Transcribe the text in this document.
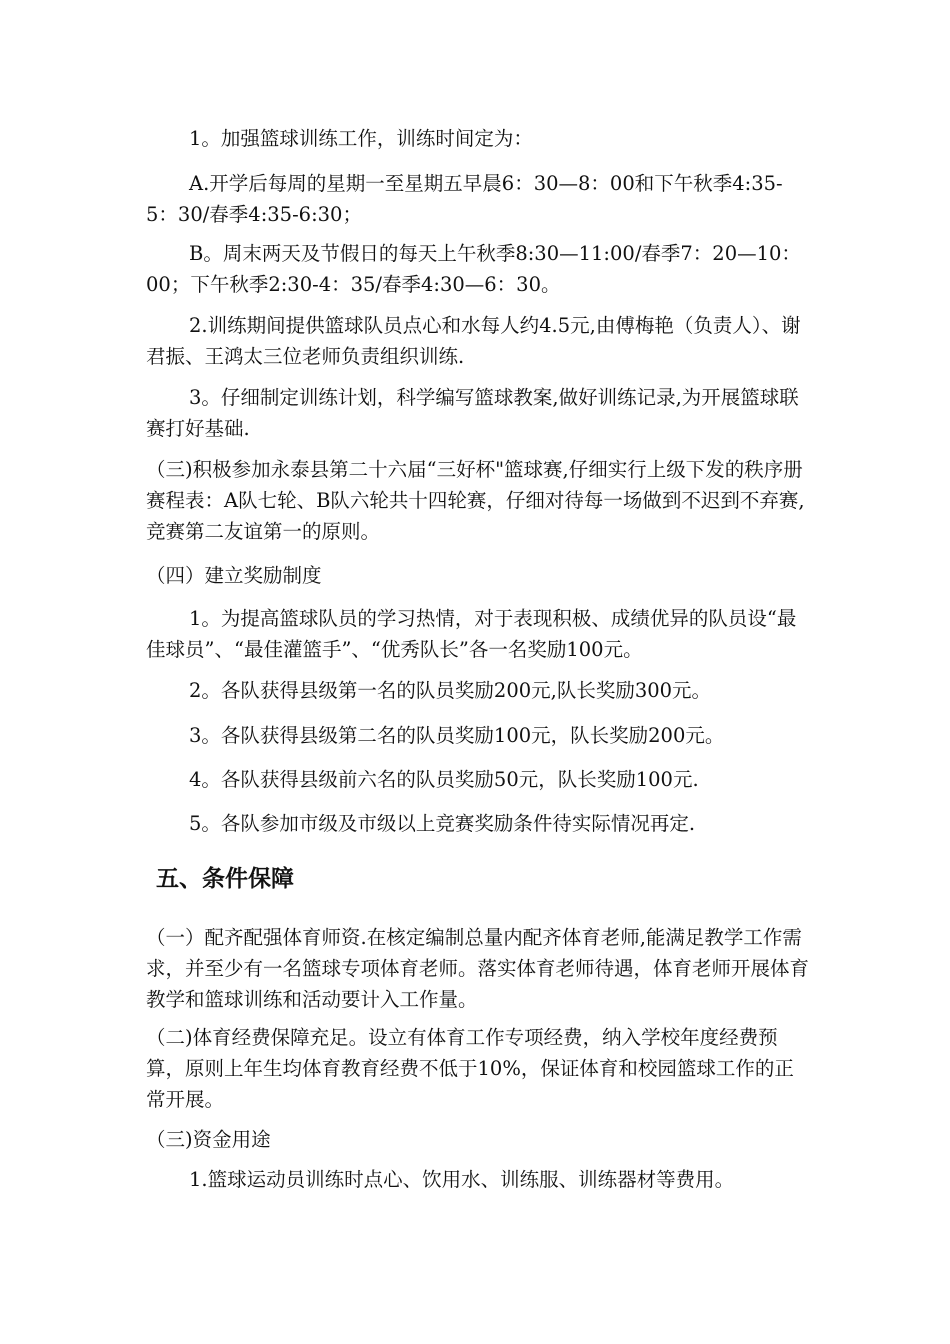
1。加强篮球训练工作，训练时间定为：

A.开学后每周的星期一至星期五早晨6：30—8：00和下午秋季4:35-5：30/春季4:35-6:30；

B。周末两天及节假日的每天上午秋季8:30—11:00/春季7：20—10：00；下午秋季2:30-4：35/春季4:30—6：30。

2.训练期间提供篮球队员点心和水每人约4.5元,由傅梅艳（负责人）、谢君振、王鸿太三位老师负责组织训练.

3。仔细制定训练计划，科学编写篮球教案,做好训练记录,为开展篮球联赛打好基础.

（三)积极参加永泰县第二十六届“三好杯"篮球赛,仔细实行上级下发的秩序册赛程表：A队七轮、B队六轮共十四轮赛，仔细对待每一场做到不迟到不弃赛,竞赛第二友谊第一的原则。

（四）建立奖励制度

1。为提高篮球队员的学习热情，对于表现积极、成绩优异的队员设“最佳球员”、“最佳灌篮手”、“优秀队长”各一名奖励100元。

2。各队获得县级第一名的队员奖励200元,队长奖励300元。

3。各队获得县级第二名的队员奖励100元，队长奖励200元。

4。各队获得县级前六名的队员奖励50元，队长奖励100元.

5。各队参加市级及市级以上竞赛奖励条件待实际情况再定.

五、条件保障

（一）配齐配强体育师资.在核定编制总量内配齐体育老师,能满足教学工作需求，并至少有一名篮球专项体育老师。落实体育老师待遇，体育老师开展体育教学和篮球训练和活动要计入工作量。

（二)体育经费保障充足。设立有体育工作专项经费，纳入学校年度经费预算，原则上年生均体育教育经费不低于10%，保证体育和校园篮球工作的正常开展。

（三)资金用途

1.篮球运动员训练时点心、饮用水、训练服、训练器材等费用。
